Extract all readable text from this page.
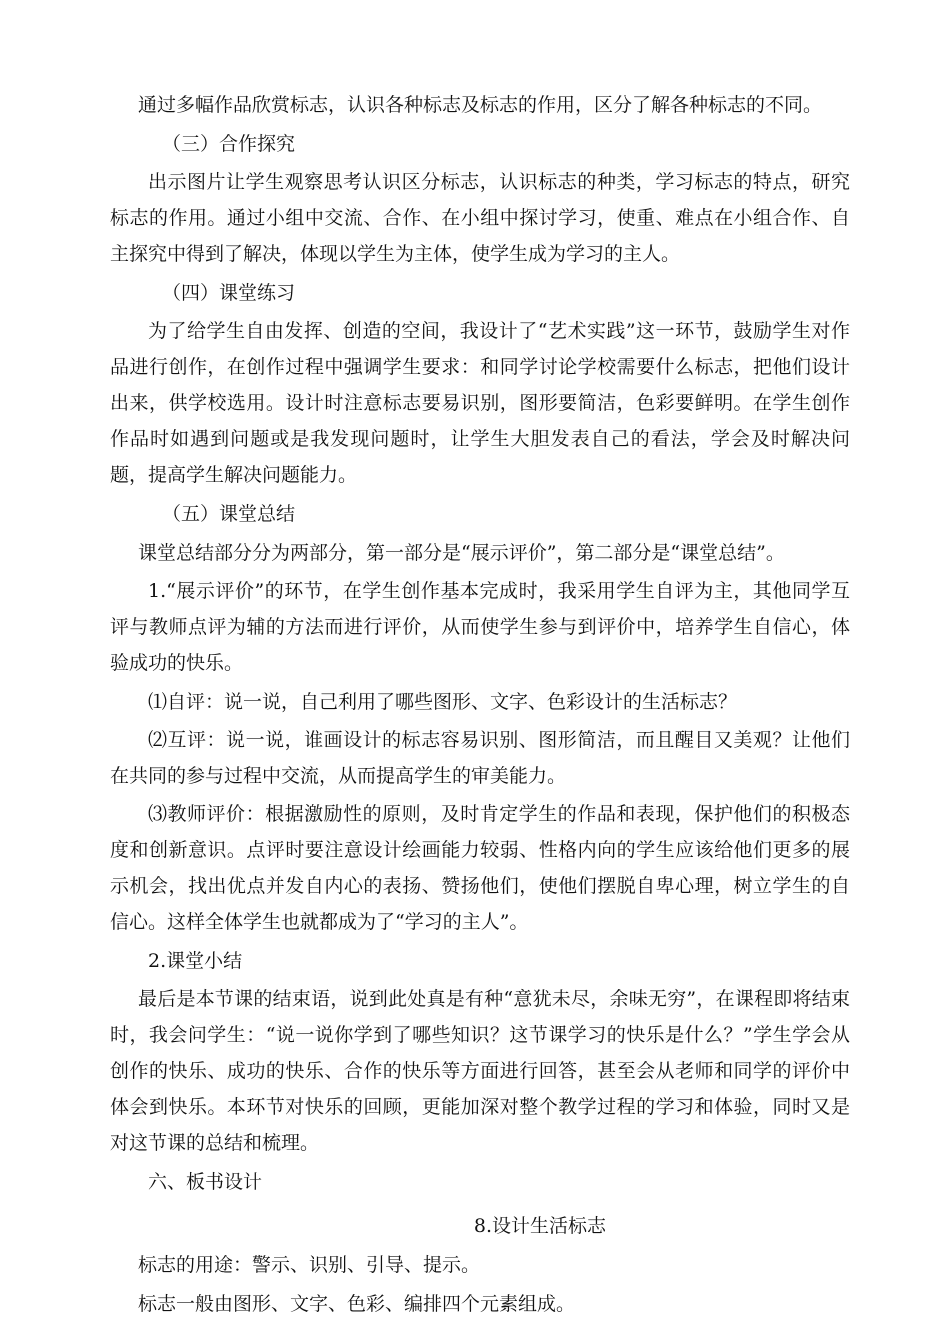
通过多幅作品欣赏标志，认识各种标志及标志的作用，区分了解各种标志的不同。

（三）合作探究

出示图片让学生观察思考认识区分标志，认识标志的种类，学习标志的特点，研究标志的作用。通过小组中交流、合作、在小组中探讨学习，使重、难点在小组合作、自主探究中得到了解决，体现以学生为主体，使学生成为学习的主人。

（四）课堂练习

为了给学生自由发挥、创造的空间，我设计了“艺术实践”这一环节，鼓励学生对作品进行创作，在创作过程中强调学生要求：和同学讨论学校需要什么标志，把他们设计出来，供学校选用。设计时注意标志要易识别，图形要简洁，色彩要鲜明。在学生创作作品时如遇到问题或是我发现问题时，让学生大胆发表自己的看法，学会及时解决问题，提高学生解决问题能力。

（五）课堂总结

课堂总结部分分为两部分，第一部分是“展示评价”，第二部分是“课堂总结”。

1.“展示评价”的环节，在学生创作基本完成时，我采用学生自评为主，其他同学互评与教师点评为辅的方法而进行评价，从而使学生参与到评价中，培养学生自信心，体验成功的快乐。

⑴自评：说一说，自己利用了哪些图形、文字、色彩设计的生活标志？

⑵互评：说一说，谁画设计的标志容易识别、图形简洁，而且醒目又美观？让他们在共同的参与过程中交流，从而提高学生的审美能力。

⑶教师评价：根据激励性的原则，及时肯定学生的作品和表现，保护他们的积极态度和创新意识。点评时要注意设计绘画能力较弱、性格内向的学生应该给他们更多的展示机会，找出优点并发自内心的表扬、赞扬他们，使他们摆脱自卑心理，树立学生的自信心。这样全体学生也就都成为了“学习的主人”。

2.课堂小结

最后是本节课的结束语，说到此处真是有种“意犹未尽，余味无穷”，在课程即将结束时，我会问学生：“说一说你学到了哪些知识？这节课学习的快乐是什么？”学生学会从创作的快乐、成功的快乐、合作的快乐等方面进行回答，甚至会从老师和同学的评价中体会到快乐。本环节对快乐的回顾，更能加深对整个教学过程的学习和体验，同时又是对这节课的总结和梳理。

六、板书设计

8.设计生活标志

标志的用途：警示、识别、引导、提示。

标志一般由图形、文字、色彩、编排四个元素组成。
